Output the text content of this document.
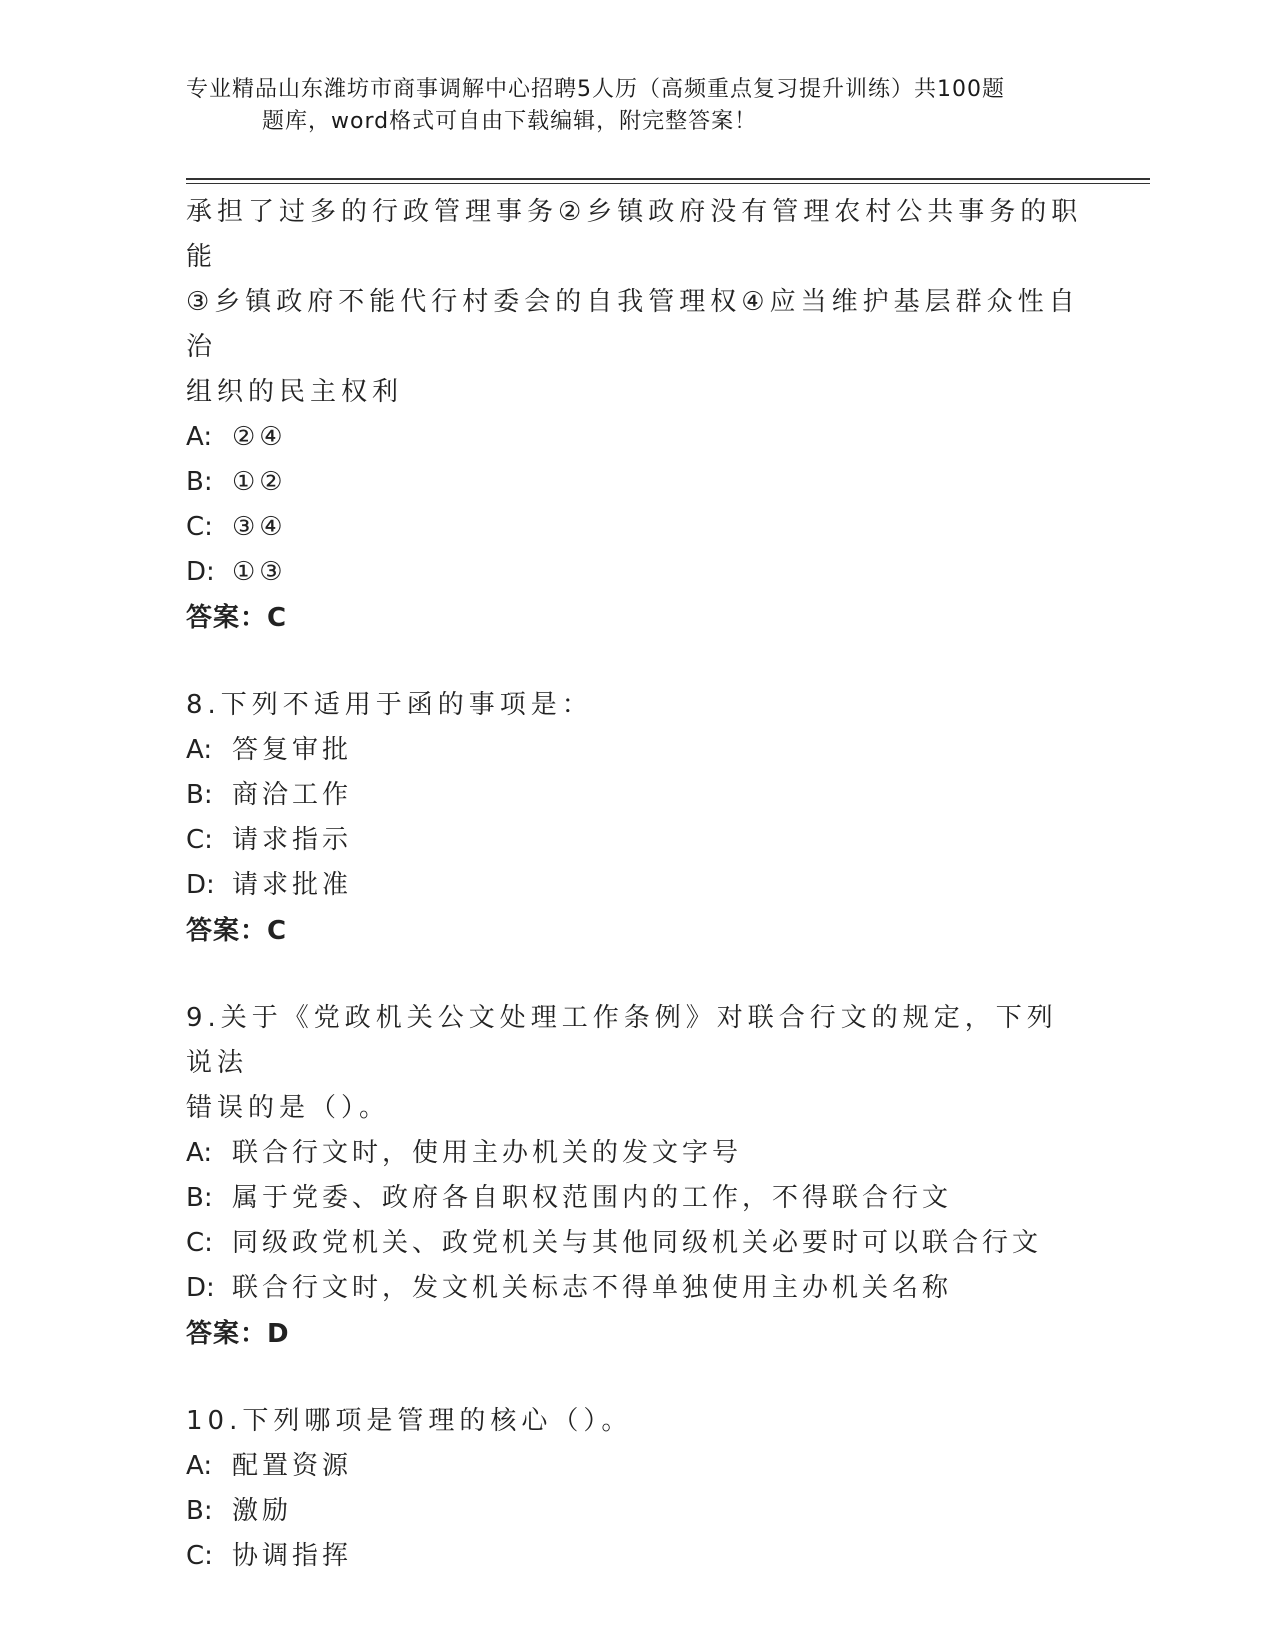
专业精品山东潍坊市商事调解中心招聘5人历（高频重点复习提升训练）共100题
题库，word格式可自由下载编辑，附完整答案！

承担了过多的行政管理事务②乡镇政府没有管理农村公共事务的职能

③乡镇政府不能代行村委会的自我管理权④应当维护基层群众性自治

组织的民主权利

A: ②④

B: ①②

C: ③④

D: ①③

答案：C

8.下列不适用于函的事项是：

A: 答复审批

B: 商洽工作

C: 请求指示

D: 请求批准

答案：C

9.关于《党政机关公文处理工作条例》对联合行文的规定，下列说法

错误的是（）。

A: 联合行文时，使用主办机关的发文字号

B: 属于党委、政府各自职权范围内的工作，不得联合行文

C: 同级政党机关、政党机关与其他同级机关必要时可以联合行文

D: 联合行文时，发文机关标志不得单独使用主办机关名称

答案：D

10.下列哪项是管理的核心（）。

A: 配置资源

B: 激励

C: 协调指挥
